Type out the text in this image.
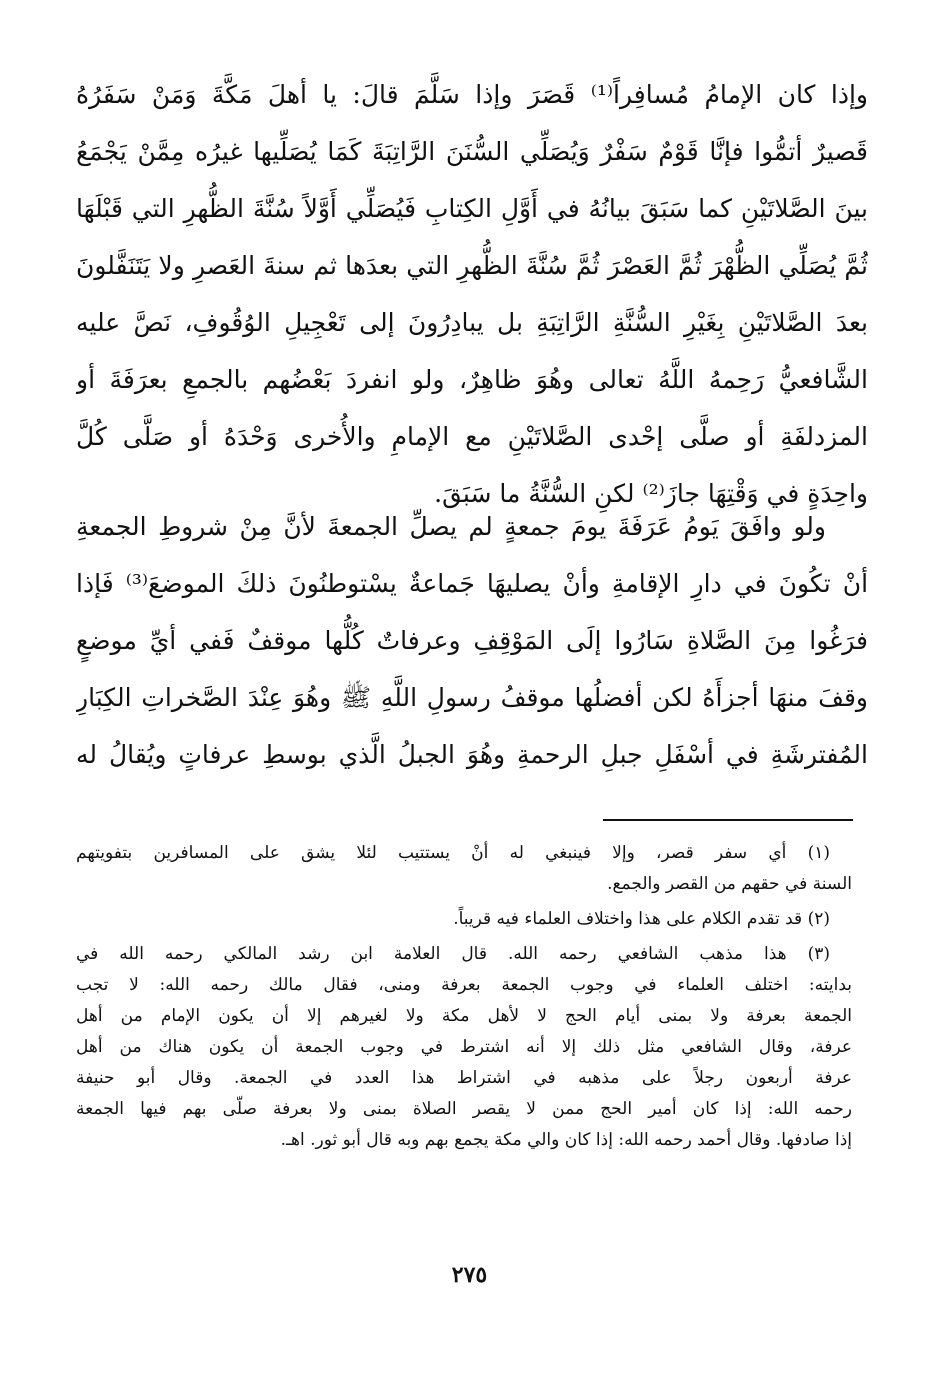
وإذا كان الإمامُ مُسافِراً⁽¹⁾ قَصَرَ وإذا سَلَّمَ قالَ: يا أهلَ مَكَّةَ وَمَنْ سَفَرُهُ
قَصيرٌ أتمُّوا فإنَّا قَوْمٌ سَفْرٌ وَيُصَلِّي السُّنَنَ الرَّاتِبَةَ كَمَا يُصَلِّيها غيرُه مِمَّنْ يَجْمَعُ
بينَ الصَّلاتَيْنِ كما سَبَقَ بيانُهُ في أَوَّلِ الكِتابِ فَيُصَلِّي أَوَّلاً سُنَّةَ الظُّهرِ التي قَبْلَهَا
ثُمَّ يُصَلِّي الظُّهْرَ ثُمَّ العَصْرَ ثُمَّ سُنَّةَ الظُّهرِ التي بعدَها ثم سنةَ العَصرِ ولا يَتَنَفَّلونَ
بعدَ الصَّلاتَيْنِ بِغَيْرِ السُّنَّةِ الرَّاتِبَةِ بل يبادِرُونَ إلى تَعْجِيلِ الوُقُوفِ، نَصَّ عليه
الشَّافعيُّ رَحِمهُ اللَّهُ تعالى وهُوَ ظاهِرٌ، ولو انفردَ بَعْضُهم بالجمعِ بعرَفَةَ أو
المزدلفَةِ أو صلَّى إحْدى الصَّلاتَيْنِ مع الإمامِ والأُخرى وَحْدَهُ أو صَلَّى كُلَّ
واحِدَةٍ في وَقْتِهَا جازَ⁽²⁾ لكنِ السُّنَّةُ ما سَبَقَ.
ولو وافَقَ يَومُ عَرَفَةَ يومَ جمعةٍ لم يصلِّ الجمعةَ لأنَّ مِنْ شروطِ الجمعةِ
أنْ تكُونَ في دارِ الإقامةِ وأنْ يصليهَا جَماعةٌ يسْتوطنُونَ ذلكَ الموضعَ⁽³⁾ فَإذا
فرَغُوا مِنَ الصَّلاةِ سَارُوا إلَى المَوْقِفِ وعرفاتٌ كُلُّها موقفٌ فَفي أيِّ موضعٍ
وقفَ منهَا أجزأَهُ لكن أفضلُها موقفُ رسولِ اللَّهِ ﷺ وهُوَ عِنْدَ الصَّخراتِ الكِبَارِ
المُفترشَةِ في أسْفَلِ جبلِ الرحمةِ وهُوَ الجبلُ الَّذي بوسطِ عرفاتٍ ويُقالُ له
(١) أي سفر قصر، وإلا فينبغي له أنْ يستتيب لئلا يشق على المسافرين بتفويتهم
السنة في حقهم من القصر والجمع.
(٢) قد تقدم الكلام على هذا واختلاف العلماء فيه قريباً.
(٣) هذا مذهب الشافعي رحمه الله. قال العلامة ابن رشد المالكي رحمه الله في
بدايته: اختلف العلماء في وجوب الجمعة بعرفة ومنى، فقال مالك رحمه الله: لا تجب
الجمعة بعرفة ولا بمنى أيام الحج لا لأهل مكة ولا لغيرهم إلا أن يكون الإمام من أهل
عرفة، وقال الشافعي مثل ذلك إلا أنه اشترط في وجوب الجمعة أن يكون هناك من أهل
عرفة أربعون رجلاً على مذهبه في اشتراط هذا العدد في الجمعة. وقال أبو حنيفة
رحمه الله: إذا كان أمير الحج ممن لا يقصر الصلاة بمنى ولا بعرفة صلّى بهم فيها الجمعة
إذا صادفها. وقال أحمد رحمه الله: إذا كان والي مكة يجمع بهم وبه قال أبو ثور. اهـ.
٢٧٥
